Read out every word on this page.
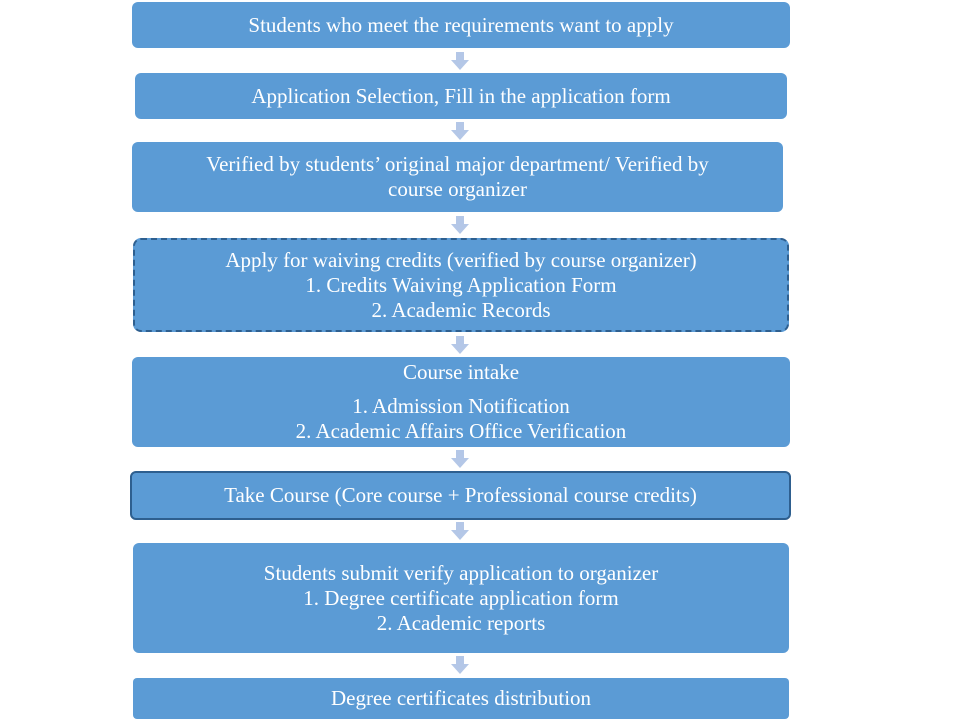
Students who meet the requirements want to apply
Application Selection, Fill in the application form
Verified by students’ original major department/ Verified by
course organizer
Apply for waiving credits (verified by course organizer)
1. Credits Waiving Application Form
2. Academic Records
Course intake
1. Admission Notification
2. Academic Affairs Office Verification
Take Course (Core course + Professional course credits)
Students submit verify application to organizer
1. Degree certificate application form
2. Academic reports
Degree certificates distribution
